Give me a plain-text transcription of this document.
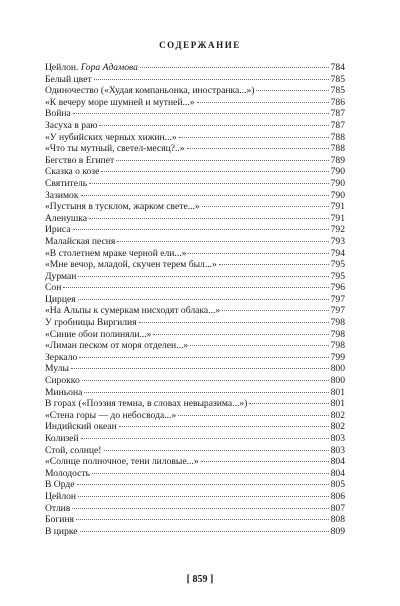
СОДЕРЖАНИЕ
Цейлон. Гора Адамова	784
Белый цвет	785
Одиночество («Худая компаньонка, иностранка...»)	785
«К вечеру море шумней и мутней...»	786
Война	787
Засуха в раю	787
«У нубийских черных хижин...»	788
«Что ты мутный, светел-месяц?..»	788
Бегство в Египет	789
Сказка о козе	790
Святитель	790
Зазимок	790
«Пустыня в тусклом, жарком свете...»	791
Аленушка	791
Ириса	792
Малайская песня	793
«В столетнем мраке черной ели...»	794
«Мне вечор, младой, скучен терем был...»	795
Дурман	795
Сон	796
Цирцея	797
«На Альпы к сумеркам нисходят облака...»	797
У гробницы Виргилия	798
«Синие обои полиняли...»	798
«Лиман песком от моря отделен...»	798
Зеркало	799
Мулы	800
Сирокко	800
Миньона	801
В горах («Поэзия темна, в словах невыразима...»)	801
«Стена горы — до небосвода...»	802
Индийский океан	802
Колизей	803
Стой, солнце!	803
«Солнце полночное, тени лиловые...»	804
Молодость	804
В Орде	805
Цейлон	806
Отлив	807
Богиня	808
В цирке	809
[ 859 ]
